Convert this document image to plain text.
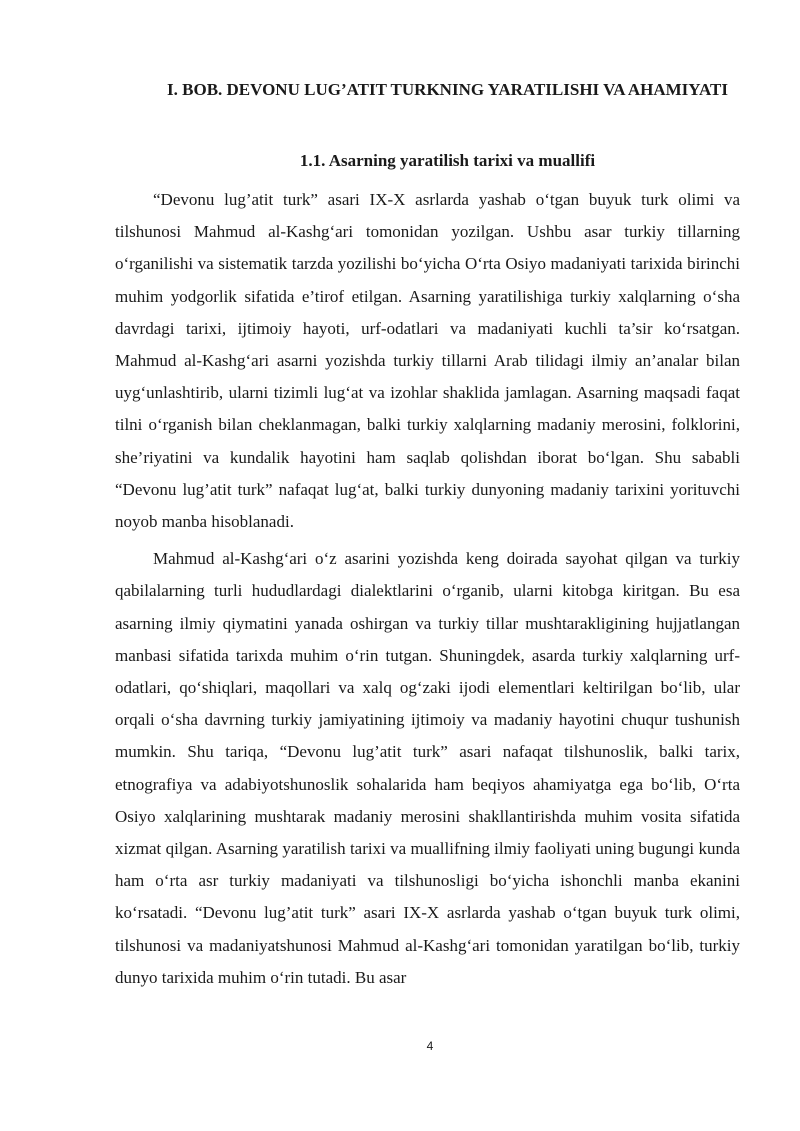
I. BOB. DEVONU LUG’ATIT TURKNING YARATILISHI VA AHAMIYATI
1.1. Asarning yaratilish tarixi va muallifi

“Devonu lug’atit turk” asari IX-X asrlarda yashab o‘tgan buyuk turk olimi va tilshunosi Mahmud al-Kashg‘ari tomonidan yozilgan. Ushbu asar turkiy tillarning o‘rganilishi va sistematik tarzda yozilishi bo‘yicha O‘rta Osiyo madaniyati tarixida birinchi muhim yodgorlik sifatida e’tirof etilgan. Asarning yaratilishiga turkiy xalqlarning o‘sha davrdagi tarixi, ijtimoiy hayoti, urf-odatlari va madaniyati kuchli ta’sir ko‘rsatgan. Mahmud al-Kashg‘ari asarni yozishda turkiy tillarni Arab tilidagi ilmiy an’analar bilan uyg‘unlashtirib, ularni tizimli lug‘at va izohlar shaklida jamlagan. Asarning maqsadi faqat tilni o‘rganish bilan cheklanmagan, balki turkiy xalqlarning madaniy merosini, folklorini, she’riyatini va kundalik hayotini ham saqlab qolishdan iborat bo‘lgan. Shu sababli “Devonu lug’atit turk” nafaqat lug‘at, balki turkiy dunyoning madaniy tarixini yorituvchi noyob manba hisoblanadi.

Mahmud al-Kashg‘ari o‘z asarini yozishda keng doirada sayohat qilgan va turkiy qabilalarning turli hududlardagi dialektlarini o‘rganib, ularni kitobga kiritgan. Bu esa asarning ilmiy qiymatini yanada oshirgan va turkiy tillar mushtarakligining hujjatlangan manbasi sifatida tarixda muhim o‘rin tutgan. Shuningdek, asarda turkiy xalqlarning urf-odatlari, qo‘shiqlari, maqollari va xalq og‘zaki ijodi elementlari keltirilgan bo‘lib, ular orqali o‘sha davrning turkiy jamiyatining ijtimoiy va madaniy hayotini chuqur tushunish mumkin. Shu tariqa, “Devonu lug’atit turk” asari nafaqat tilshunoslik, balki tarix, etnografiya va adabiyotshunoslik sohalarida ham beqiyos ahamiyatga ega bo‘lib, O‘rta Osiyo xalqlarining mushtarak madaniy merosini shakllantirishda muhim vosita sifatida xizmat qilgan. Asarning yaratilish tarixi va muallifning ilmiy faoliyati uning bugungi kunda ham o‘rta asr turkiy madaniyati va tilshunosligi bo‘yicha ishonchli manba ekanini ko‘rsatadi. “Devonu lug’atit turk” asari IX-X asrlarda yashab o‘tgan buyuk turk olimi, tilshunosi va madaniyatshunosi Mahmud al-Kashg‘ari tomonidan yaratilgan bo‘lib, turkiy dunyo tarixida muhim o‘rin tutadi. Bu asar

4
